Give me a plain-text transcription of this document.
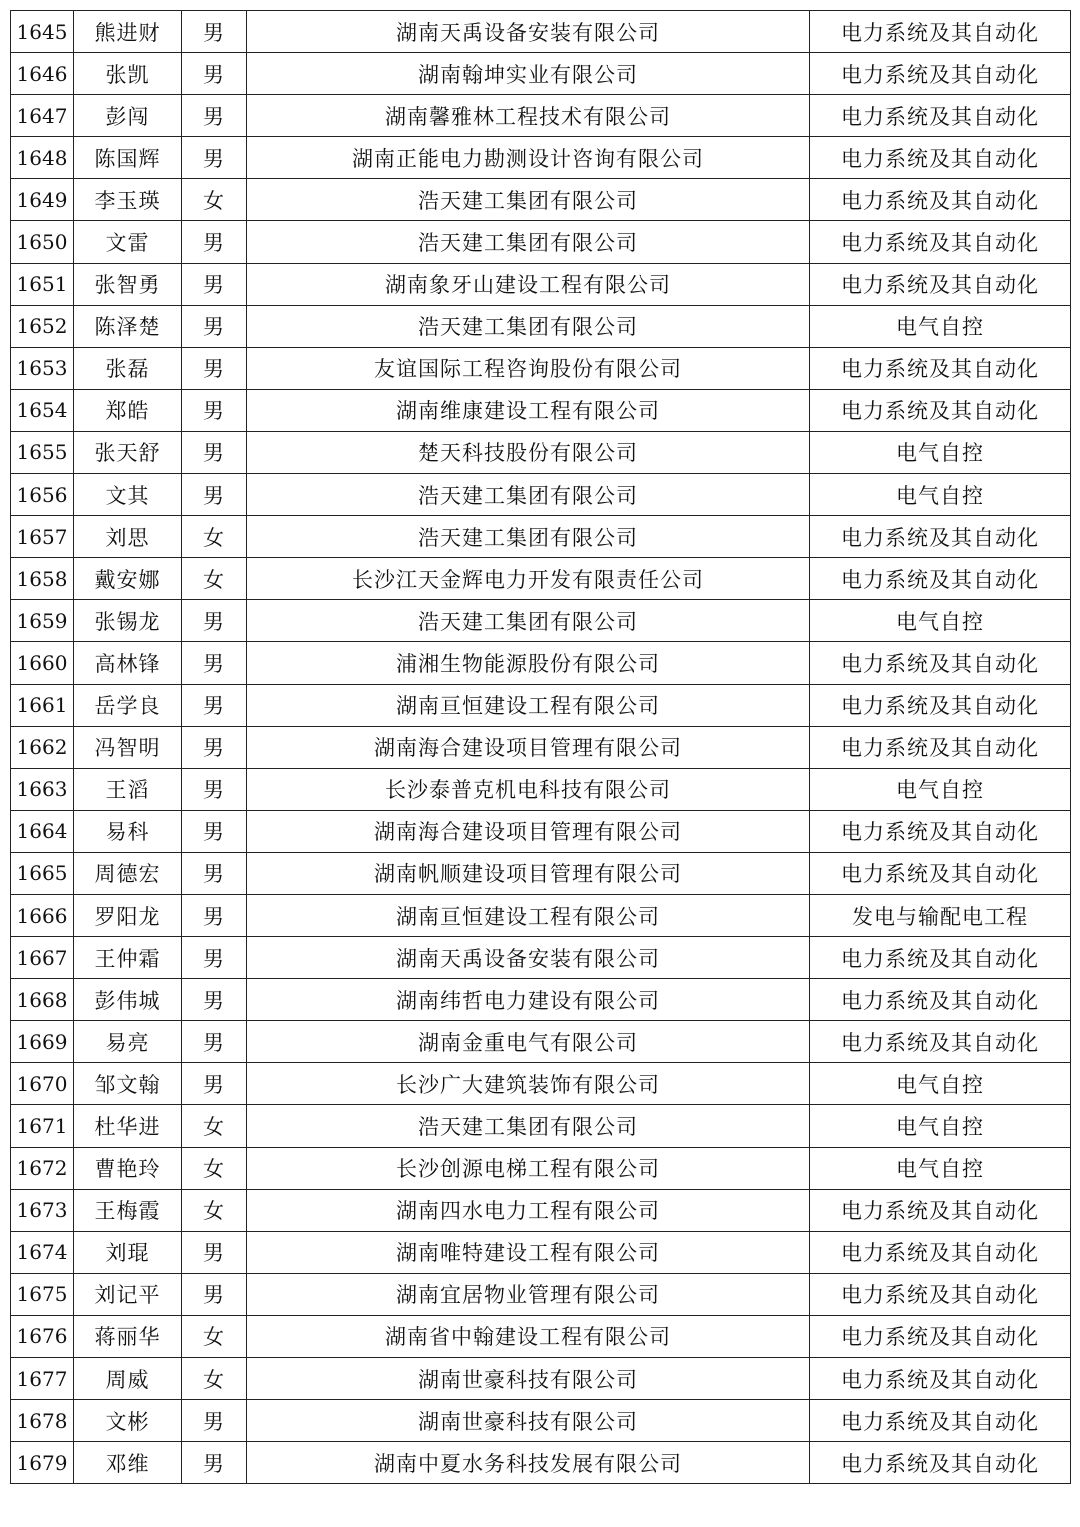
1645	熊进财	男	湖南天禹设备安装有限公司	电力系统及其自动化
1646	张凯	男	湖南翰坤实业有限公司	电力系统及其自动化
1647	彭闯	男	湖南馨雅林工程技术有限公司	电力系统及其自动化
1648	陈国辉	男	湖南正能电力勘测设计咨询有限公司	电力系统及其自动化
1649	李玉瑛	女	浩天建工集团有限公司	电力系统及其自动化
1650	文雷	男	浩天建工集团有限公司	电力系统及其自动化
1651	张智勇	男	湖南象牙山建设工程有限公司	电力系统及其自动化
1652	陈泽楚	男	浩天建工集团有限公司	电气自控
1653	张磊	男	友谊国际工程咨询股份有限公司	电力系统及其自动化
1654	郑皓	男	湖南维康建设工程有限公司	电力系统及其自动化
1655	张天舒	男	楚天科技股份有限公司	电气自控
1656	文其	男	浩天建工集团有限公司	电气自控
1657	刘思	女	浩天建工集团有限公司	电力系统及其自动化
1658	戴安娜	女	长沙江天金辉电力开发有限责任公司	电力系统及其自动化
1659	张锡龙	男	浩天建工集团有限公司	电气自控
1660	高林锋	男	浦湘生物能源股份有限公司	电力系统及其自动化
1661	岳学良	男	湖南亘恒建设工程有限公司	电力系统及其自动化
1662	冯智明	男	湖南海合建设项目管理有限公司	电力系统及其自动化
1663	王滔	男	长沙泰普克机电科技有限公司	电气自控
1664	易科	男	湖南海合建设项目管理有限公司	电力系统及其自动化
1665	周德宏	男	湖南帆顺建设项目管理有限公司	电力系统及其自动化
1666	罗阳龙	男	湖南亘恒建设工程有限公司	发电与输配电工程
1667	王仲霜	男	湖南天禹设备安装有限公司	电力系统及其自动化
1668	彭伟城	男	湖南纬哲电力建设有限公司	电力系统及其自动化
1669	易亮	男	湖南金重电气有限公司	电力系统及其自动化
1670	邹文翰	男	长沙广大建筑装饰有限公司	电气自控
1671	杜华进	女	浩天建工集团有限公司	电气自控
1672	曹艳玲	女	长沙创源电梯工程有限公司	电气自控
1673	王梅霞	女	湖南四水电力工程有限公司	电力系统及其自动化
1674	刘琨	男	湖南唯特建设工程有限公司	电力系统及其自动化
1675	刘记平	男	湖南宜居物业管理有限公司	电力系统及其自动化
1676	蒋丽华	女	湖南省中翰建设工程有限公司	电力系统及其自动化
1677	周威	女	湖南世豪科技有限公司	电力系统及其自动化
1678	文彬	男	湖南世豪科技有限公司	电力系统及其自动化
1679	邓维	男	湖南中夏水务科技发展有限公司	电力系统及其自动化
